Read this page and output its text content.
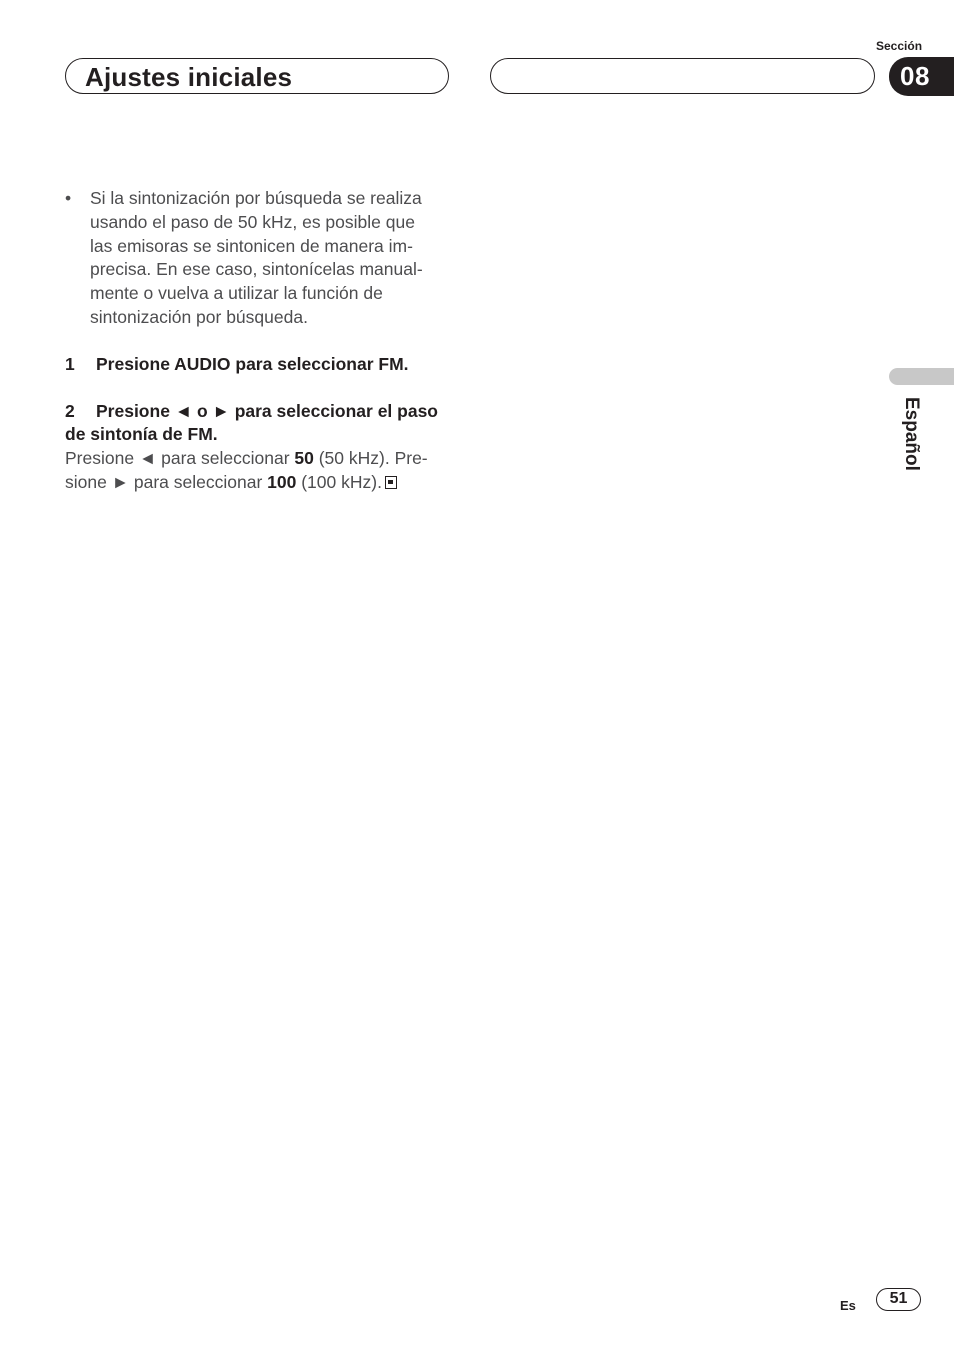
Ajustes iniciales
Sección
08
Español
• Si la sintonización por búsqueda se realiza
usando el paso de 50 kHz, es posible que
las emisoras se sintonicen de manera im-
precisa. En ese caso, sintonícelas manual-
mente o vuelva a utilizar la función de
sintonización por búsqueda.
1 Presione AUDIO para seleccionar FM.
2 Presione ◄ o ► para seleccionar el paso
de sintonía de FM.
Presione ◄ para seleccionar 50 (50 kHz). Pre-
sione ► para seleccionar 100 (100 kHz).
Es	51
